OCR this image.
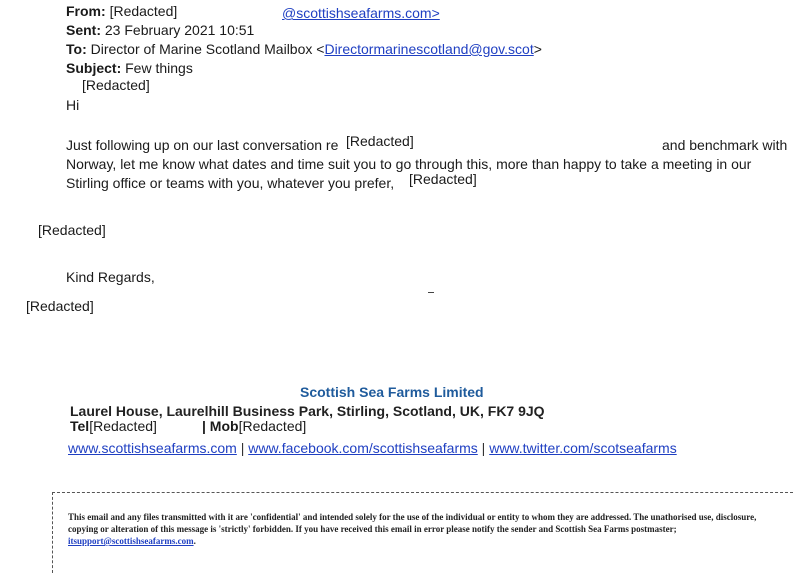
From: [Redacted]	@scottishseafarms.com>
Sent: 23 February 2021 10:51
To: Director of Marine Scotland Mailbox <Directormarinescotland@gov.scot>
Subject: Few things
[Redacted]
Hi
Just following up on our last conversation re [Redacted]	and benchmark with
Norway, let me know what dates and time suit you to go through this, more than happy to take a meeting in our
Stirling office or teams with you, whatever you prefer, [Redacted]
[Redacted]
Kind Regards,
[Redacted]
Scottish Sea Farms Limited
Laurel House, Laurelhill Business Park, Stirling, Scotland, UK, FK7 9JQ
Tel[Redacted]	| Mob[Redacted]
www.scottishseafarms.com | www.facebook.com/scottishseafarms | www.twitter.com/scotseafarms
This email and any files transmitted with it are 'confidential' and intended solely for the use of the individual or entity to whom they are addressed. The unathorised use, disclosure, copying or alteration of this message is 'strictly' forbidden. If you have received this email in error please notify the sender and Scottish Sea Farms postmaster; itsupport@scottishseafarms.com.
